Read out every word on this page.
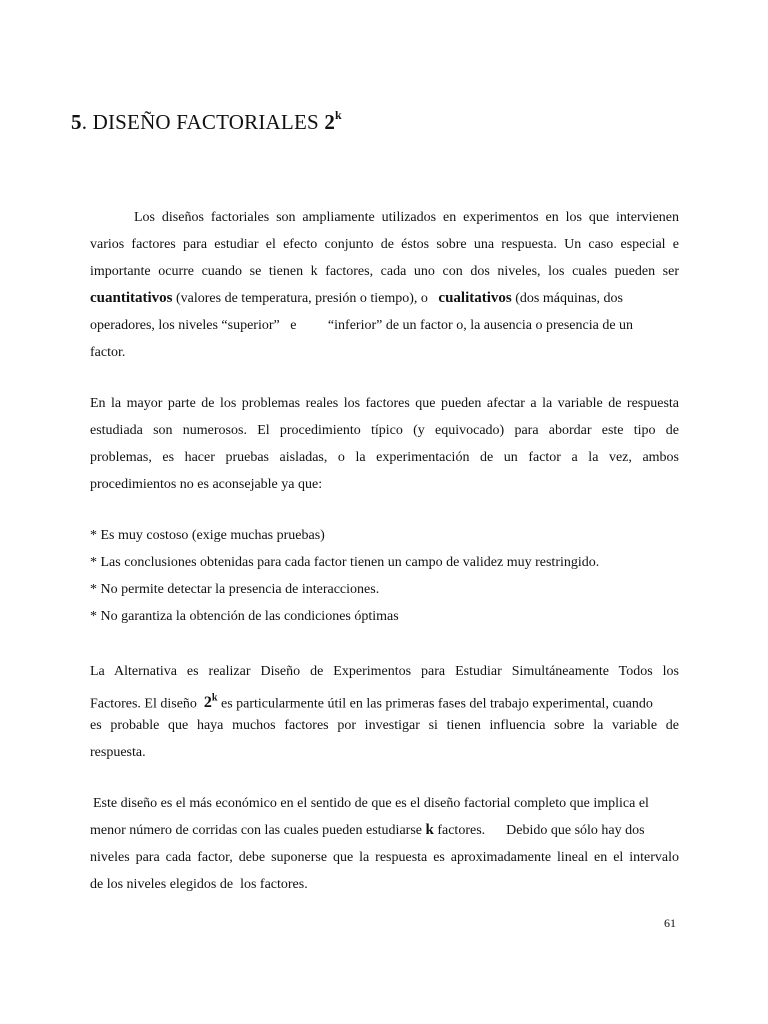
5. DISEÑO FACTORIALES 2$^k$
Los diseños factoriales son ampliamente utilizados en experimentos en los que intervienen
varios factores para estudiar el efecto conjunto de éstos sobre una respuesta. Un caso especial e
importante ocurre cuando se tienen k factores, cada uno con dos niveles, los cuales pueden ser
cuantitativos (valores de temperatura, presión o tiempo), o   cualitativos (dos máquinas, dos
operadores, los niveles “superior”   e         “inferior” de un factor o, la ausencia o presencia de un
factor.
En la mayor parte de los problemas reales los factores que pueden afectar a la variable de respuesta
estudiada son numerosos. El procedimiento típico (y equivocado) para abordar este tipo de
problemas, es hacer pruebas aisladas, o la experimentación de un factor a la vez, ambos
procedimientos no es aconsejable ya que:
* Es muy costoso (exige muchas pruebas)
* Las conclusiones obtenidas para cada factor tienen un campo de validez muy restringido.
* No permite detectar la presencia de interacciones.
* No garantiza la obtención de las condiciones óptimas
La Alternativa es realizar Diseño de Experimentos para Estudiar Simultáneamente Todos los
Factores. El diseño  2$^k$ es particularmente útil en las primeras fases del trabajo experimental, cuando
es probable que haya muchos factores por investigar si tienen influencia sobre la variable de
respuesta.
Este diseño es el más económico en el sentido de que es el diseño factorial completo que implica el
menor número de corridas con las cuales pueden estudiarse k factores.      Debido que sólo hay dos
niveles para cada factor, debe suponerse que la respuesta es aproximadamente lineal en el intervalo
de los niveles elegidos de  los factores.
61
